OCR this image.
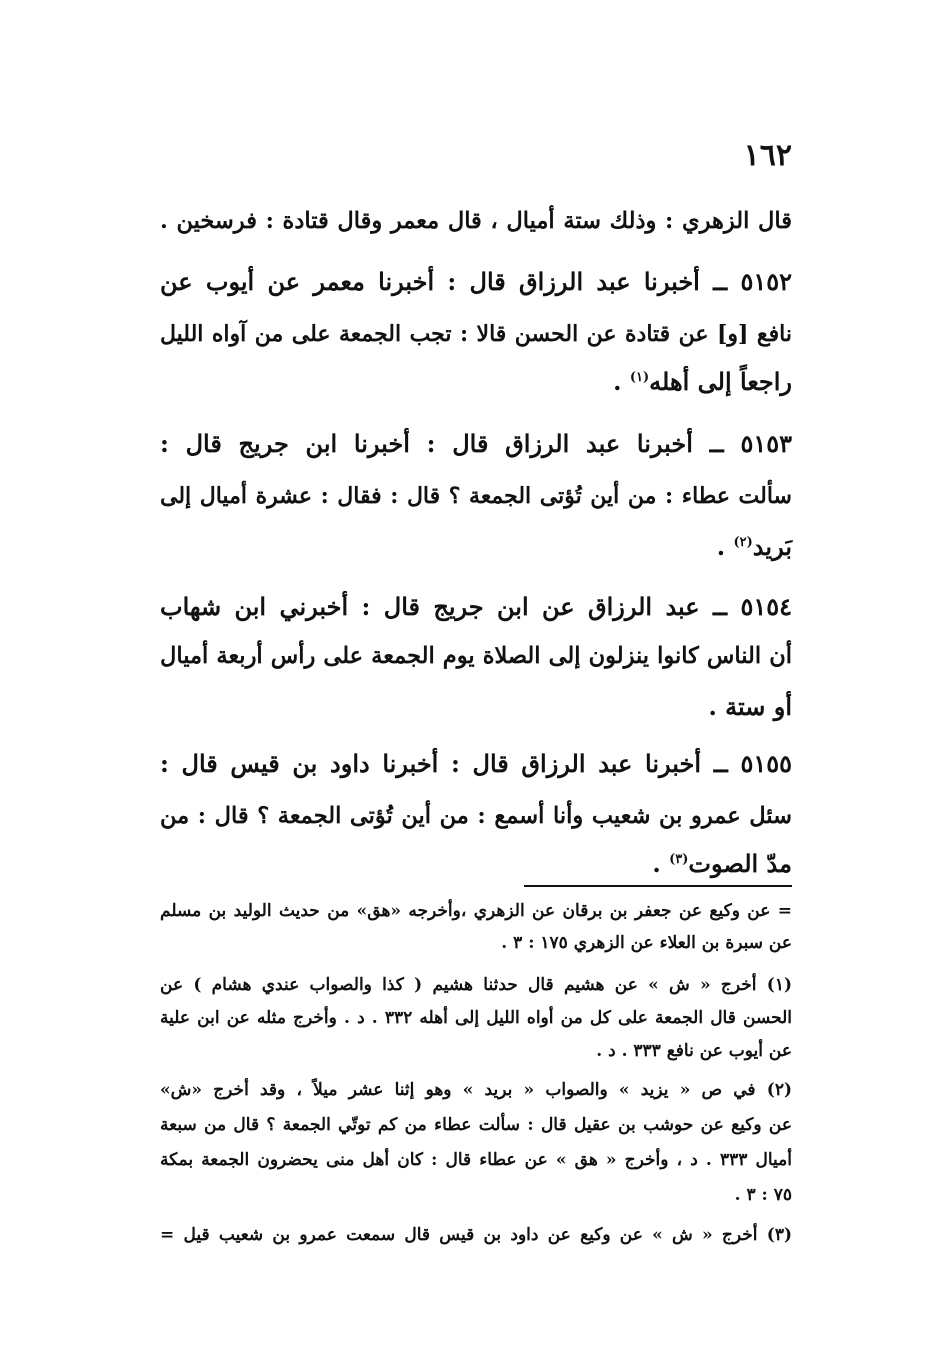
١٦٢
قال الزهري : وذلك ستة أميال ، قال معمر وقال قتادة : فرسخين .
٥١٥٢ ــ أخبرنا عبد الرزاق قال : أخبرنا معمر عن أيوب عن
نافع [و] عن قتادة عن الحسن قالا : تجب الجمعة على من آواه الليل
راجعاً إلى أهله$^{(١)}$ .
٥١٥٣ ــ أخبرنا عبد الرزاق قال : أخبرنا ابن جريج قال :
سألت عطاء : من أين تُؤتى الجمعة ؟ قال : فقال : عشرة أميال إلى
بَريد$^{(٢)}$ .
٥١٥٤ ــ عبد الرزاق عن ابن جريج قال : أخبرني ابن شهاب
أن الناس كانوا ينزلون إلى الصلاة يوم الجمعة على رأس أربعة أميال
أو ستة .
٥١٥٥ ــ أخبرنا عبد الرزاق قال : أخبرنا داود بن قيس قال :
سئل عمرو بن شعيب وأنا أسمع : من أين تُؤتى الجمعة ؟ قال : من
مدّ الصوت$^{(٣)}$ .
= عن وكيع عن جعفر بن برقان عن الزهري ،وأخرجه «هق» من حديث الوليد بن مسلم
عن سبرة بن العلاء عن الزهري ١٧٥ : ٣ .
(١) أخرج « ش » عن هشيم قال حدثنا هشيم ( كذا والصواب عندي هشام ) عن
الحسن قال الجمعة على كل من أواه الليل إلى أهله ٣٣٢ . د . وأخرج مثله عن ابن علية
عن أيوب عن نافع ٣٣٣ . د .
(٢) في ص « يزيد » والصواب « بريد » وهو إثنا عشر ميلاً ، وقد أخرج «ش»
عن وكيع عن حوشب بن عقيل قال : سألت عطاء من كم توتّي الجمعة ؟ قال من سبعة
أميال ٣٣٣ . د ، وأخرج « هق » عن عطاء قال : كان أهل منى يحضرون الجمعة بمكة
٧٥ : ٣ .
(٣) أخرج « ش » عن وكيع عن داود بن قيس قال سمعت عمرو بن شعيب قيل =
